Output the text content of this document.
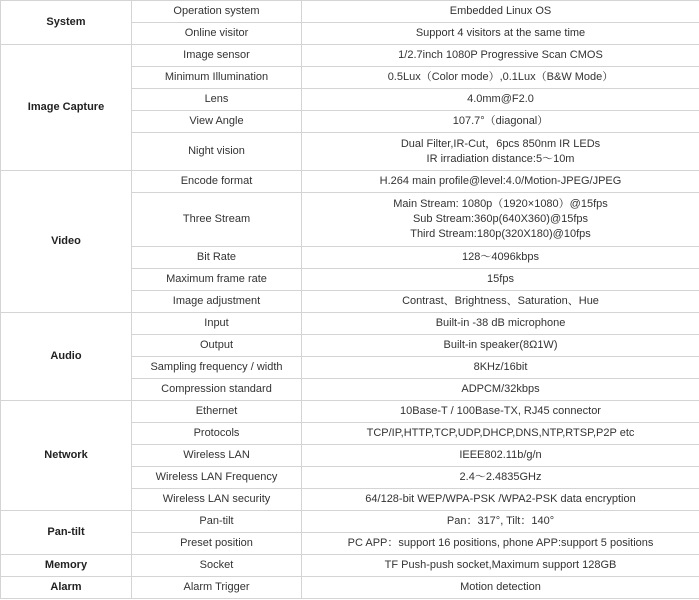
System	Operation system	Embedded Linux OS

	Online visitor	Support 4 visitors at the same time

Image Capture	Image sensor	1/2.7inch 1080P Progressive Scan CMOS

	Minimum Illumination	0.5Lux（Color mode）,0.1Lux（B&W Mode）

	Lens	4.0mm@F2.0

	View Angle	107.7°（diagonal）

	Night vision	Dual Filter,IR-Cut，6pcs 850nm IR LEDs
IR irradiation distance:5～10m

Video	Encode format	H.264 main profile@level:4.0/Motion-JPEG/JPEG

	Three Stream	Main Stream: 1080p（1920×1080）@15fps
Sub Stream:360p(640X360)@15fps
Third Stream:180p(320X180)@10fps

	Bit Rate	128～4096kbps

	Maximum frame rate	15fps

	Image adjustment	Contrast、Brightness、Saturation、Hue

Audio	Input	Built-in -38 dB microphone

	Output	Built-in speaker(8Ω1W)

	Sampling frequency / width	8KHz/16bit

	Compression standard	ADPCM/32kbps

Network	Ethernet	10Base-T / 100Base-TX, RJ45 connector

	Protocols	TCP/IP,HTTP,TCP,UDP,DHCP,DNS,NTP,RTSP,P2P etc

	Wireless LAN	IEEE802.11b/g/n

	Wireless LAN Frequency	2.4～2.4835GHz

	Wireless LAN security	64/128-bit WEP/WPA-PSK /WPA2-PSK data encryption

Pan-tilt	Pan-tilt	Pan：317°, Tilt：140°

	Preset position	PC APP：support 16 positions, phone APP:support 5 positions

Memory	Socket	TF Push-push socket,Maximum support 128GB

Alarm	Alarm Trigger	Motion detection
